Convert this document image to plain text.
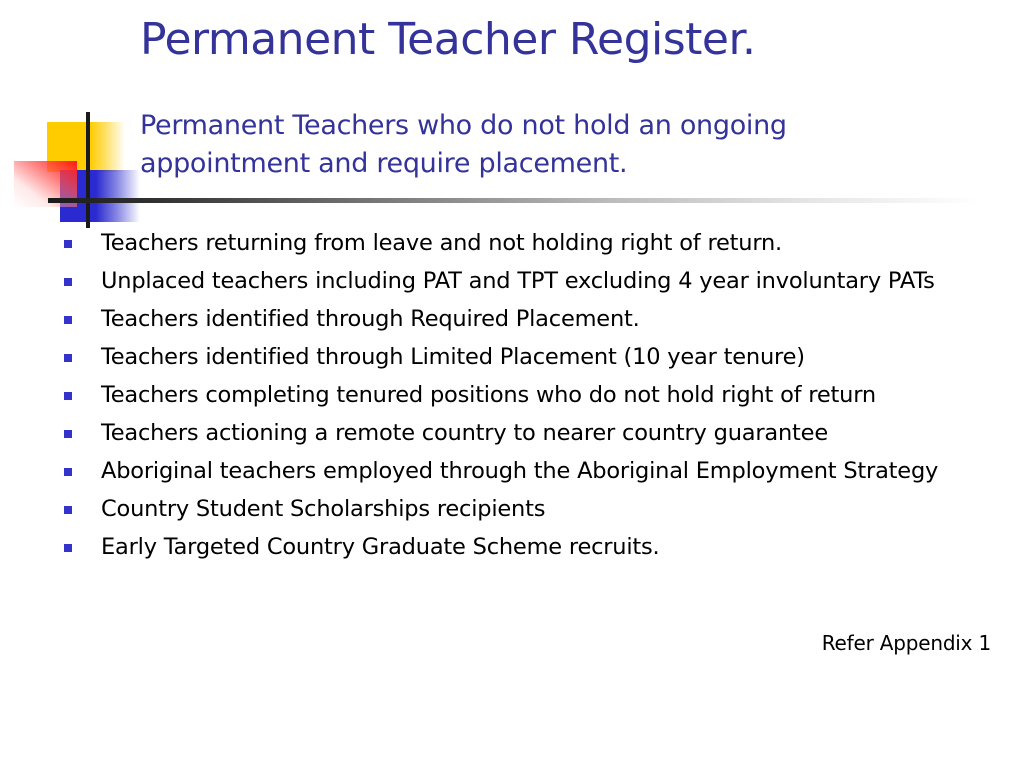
Permanent Teacher Register.
Permanent Teachers who do not hold an ongoing appointment and require placement.
Teachers returning from leave and not holding right of return.
Unplaced teachers including PAT and TPT excluding 4 year involuntary PATs
Teachers identified through Required Placement.
Teachers identified through Limited Placement (10 year tenure)
Teachers completing tenured positions who do not hold right of return
Teachers actioning a remote country to nearer country guarantee
Aboriginal teachers employed through the Aboriginal Employment Strategy
Country Student Scholarships recipients
Early Targeted Country Graduate Scheme recruits.
Refer Appendix 1
